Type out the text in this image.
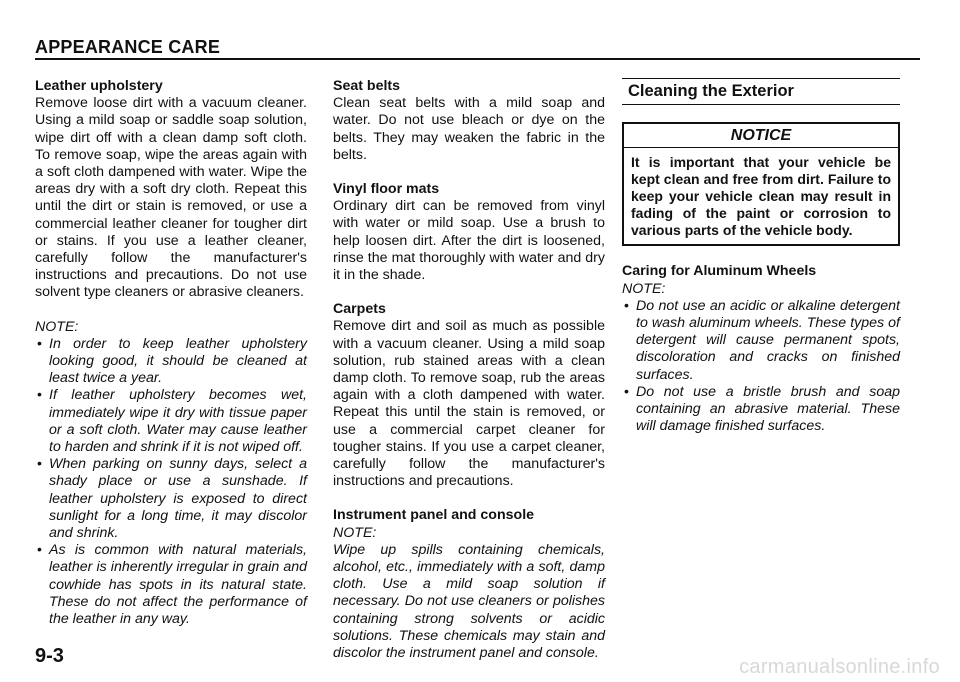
APPEARANCE CARE
Leather upholstery

Remove loose dirt with a vacuum cleaner. Using a mild soap or saddle soap solution, wipe dirt off with a clean damp soft cloth. To remove soap, wipe the areas again with a soft cloth dampened with water. Wipe the areas dry with a soft dry cloth. Repeat this until the dirt or stain is removed, or use a commercial leather cleaner for tougher dirt or stains. If you use a leather cleaner, carefully follow the manufacturer's instructions and precautions. Do not use solvent type cleaners or abrasive cleaners.

NOTE:
• In order to keep leather upholstery looking good, it should be cleaned at least twice a year.
• If leather upholstery becomes wet, immediately wipe it dry with tissue paper or a soft cloth. Water may cause leather to harden and shrink if it is not wiped off.
• When parking on sunny days, select a shady place or use a sunshade. If leather upholstery is exposed to direct sunlight for a long time, it may discolor and shrink.
• As is common with natural materials, leather is inherently irregular in grain and cowhide has spots in its natural state. These do not affect the performance of the leather in any way.
Seat belts

Clean seat belts with a mild soap and water. Do not use bleach or dye on the belts. They may weaken the fabric in the belts.

Vinyl floor mats

Ordinary dirt can be removed from vinyl with water or mild soap. Use a brush to help loosen dirt. After the dirt is loosened, rinse the mat thoroughly with water and dry it in the shade.

Carpets

Remove dirt and soil as much as possible with a vacuum cleaner. Using a mild soap solution, rub stained areas with a clean damp cloth. To remove soap, rub the areas again with a cloth dampened with water. Repeat this until the stain is removed, or use a commercial carpet cleaner for tougher stains. If you use a carpet cleaner, carefully follow the manufacturer's instructions and precautions.

Instrument panel and console
NOTE:

Wipe up spills containing chemicals, alcohol, etc., immediately with a soft, damp cloth. Use a mild soap solution if necessary. Do not use cleaners or polishes containing strong solvents or acidic solutions. These chemicals may stain and discolor the instrument panel and console.

Cleaning the Exterior
NOTICE
It is important that your vehicle be kept clean and free from dirt. Failure to keep your vehicle clean may result in fading of the paint or corrosion to various parts of the vehicle body.
Caring for Aluminum Wheels
NOTE:
• Do not use an acidic or alkaline detergent to wash aluminum wheels. These types of detergent will cause permanent spots, discoloration and cracks on finished surfaces.
• Do not use a bristle brush and soap containing an abrasive material. These will damage finished surfaces.
9-3	carmanualsonline.info
